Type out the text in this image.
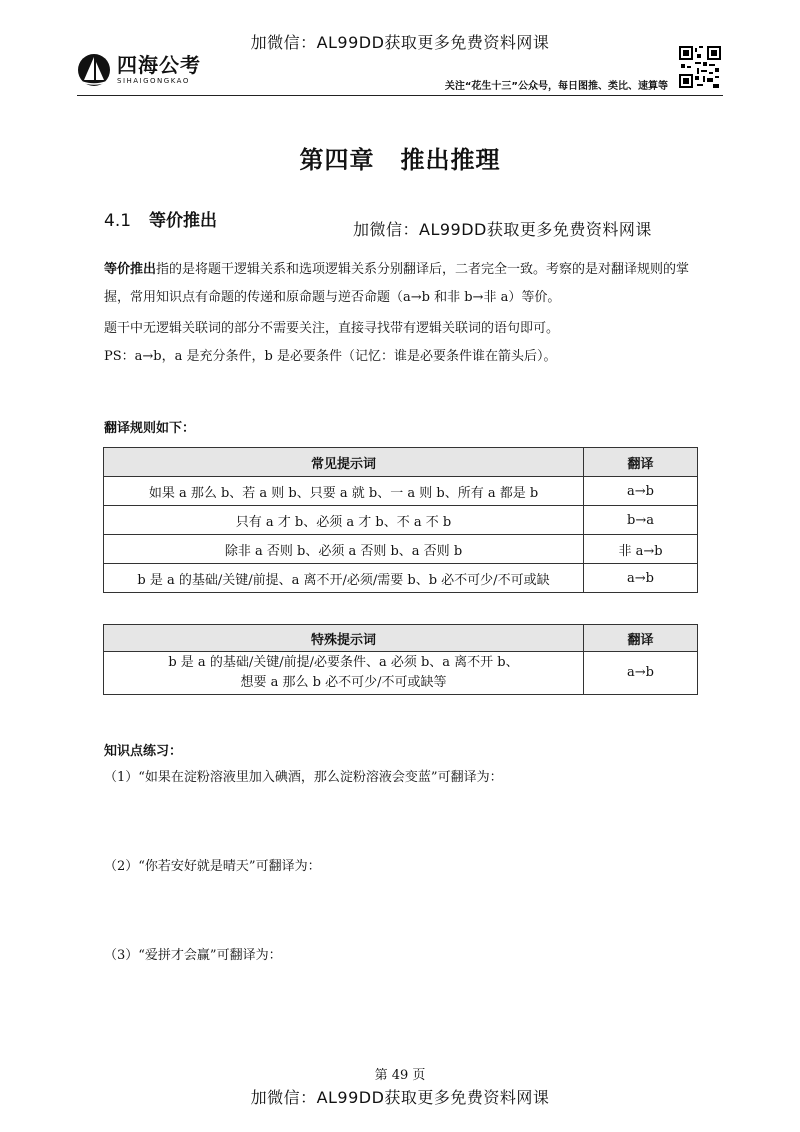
加微信：AL99DD获取更多免费资料网课
四海公考
SIHAIGONGKAO	关注“花生十三”公众号，每日图推、类比、速算等
第四章 推出推理
4.1 等价推出	加微信：AL99DD获取更多免费资料网课
等价推出指的是将题干逻辑关系和选项逻辑关系分别翻译后，二者完全一致。考察的是对翻译规则的掌握，常用知识点有命题的传递和原命题与逆否命题（a→b 和非 b→非 a）等价。
题干中无逻辑关联词的部分不需要关注，直接寻找带有逻辑关联词的语句即可。
PS：a→b，a 是充分条件，b 是必要条件（记忆：谁是必要条件谁在箭头后）。
翻译规则如下：
常见提示词	翻译
如果 a 那么 b、若 a 则 b、只要 a 就 b、一 a 则 b、所有 a 都是 b	a→b
只有 a 才 b、必须 a 才 b、不 a 不 b	b→a
除非 a 否则 b、必须 a 否则 b、a 否则 b	非 a→b
b 是 a 的基础/关键/前提、a 离不开/必须/需要 b、b 必不可少/不可或缺	a→b
特殊提示词	翻译

b 是 a 的基础/关键/前提/必要条件、a 必须 b、a 离不开 b、
想要 a 那么 b 必不可少/不可或缺等	a→b
知识点练习：
（1）“如果在淀粉溶液里加入碘酒，那么淀粉溶液会变蓝”可翻译为：
（2）“你若安好就是晴天”可翻译为：
（3）“爱拼才会赢”可翻译为：
第 49 页
加微信：AL99DD获取更多免费资料网课
